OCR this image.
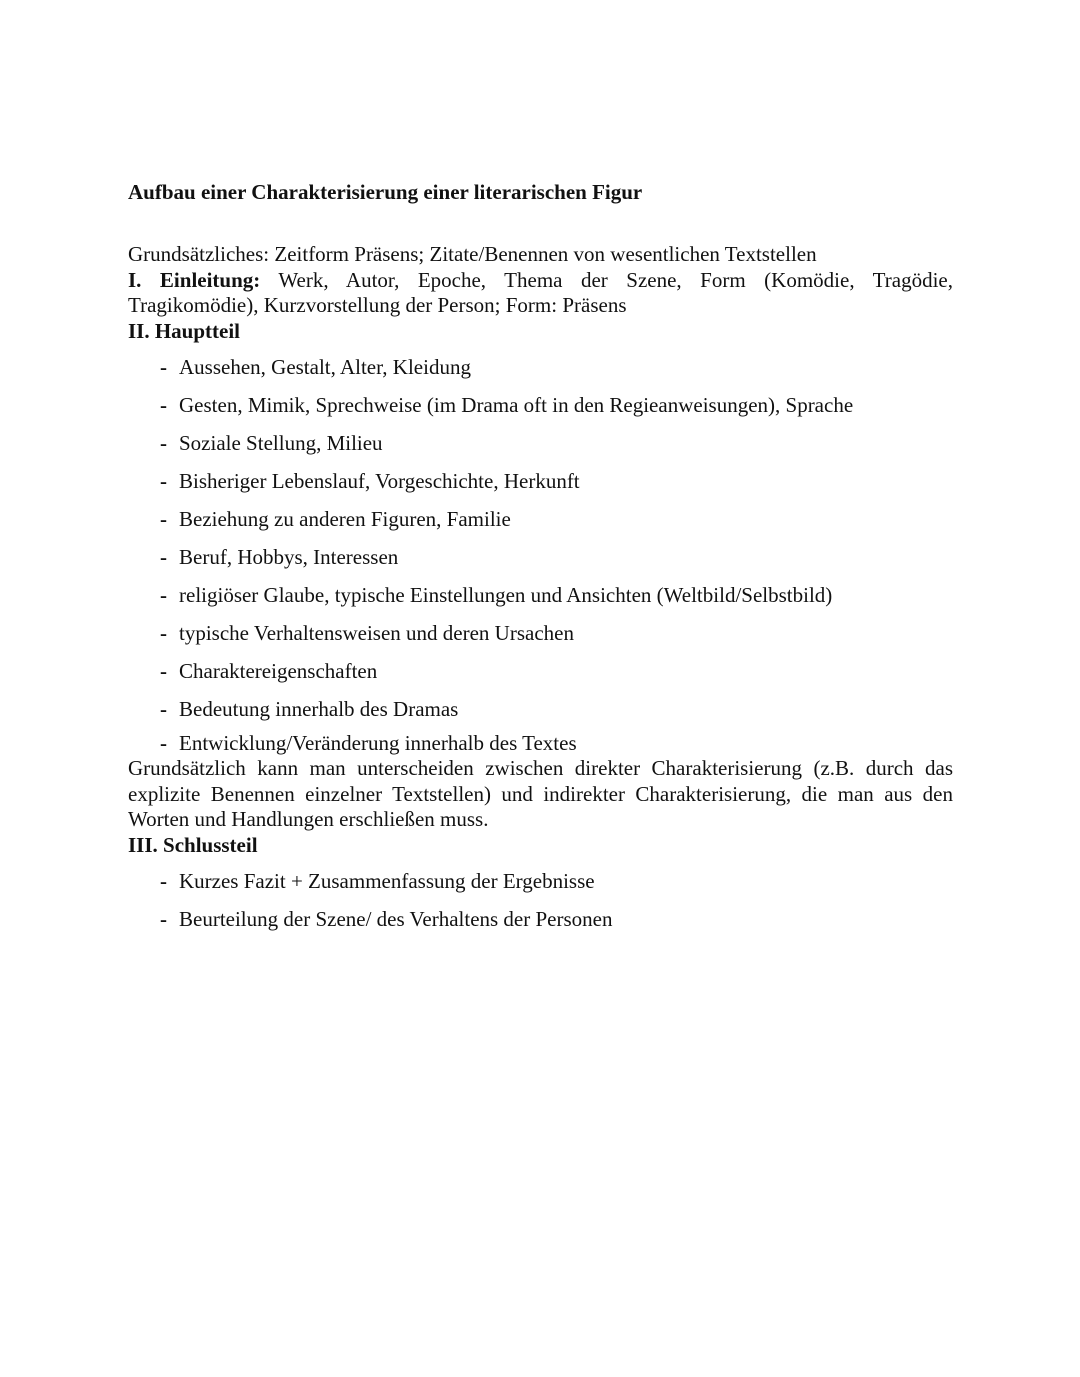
Aufbau einer Charakterisierung einer literarischen Figur

Grundsätzliches: Zeitform Präsens; Zitate/Benennen von wesentlichen Textstellen

I. Einleitung: Werk, Autor, Epoche, Thema der Szene, Form (Komödie, Tragödie, Tragikomödie), Kurzvorstellung der Person; Form: Präsens

II. Hauptteil

- Aussehen, Gestalt, Alter, Kleidung
- Gesten, Mimik, Sprechweise (im Drama oft in den Regieanweisungen), Sprache
- Soziale Stellung, Milieu
- Bisheriger Lebenslauf, Vorgeschichte, Herkunft
- Beziehung zu anderen Figuren, Familie
- Beruf, Hobbys, Interessen
- religiöser Glaube, typische Einstellungen und Ansichten (Weltbild/Selbstbild)
- typische Verhaltensweisen und deren Ursachen
- Charaktereigenschaften
- Bedeutung innerhalb des Dramas
- Entwicklung/Veränderung innerhalb des Textes

Grundsätzlich kann man unterscheiden zwischen direkter Charakterisierung (z.B. durch das explizite Benennen einzelner Textstellen) und indirekter Charakterisierung, die man aus den Worten und Handlungen erschließen muss.

III. Schlussteil

- Kurzes Fazit + Zusammenfassung der Ergebnisse
- Beurteilung der Szene/ des Verhaltens der Personen
